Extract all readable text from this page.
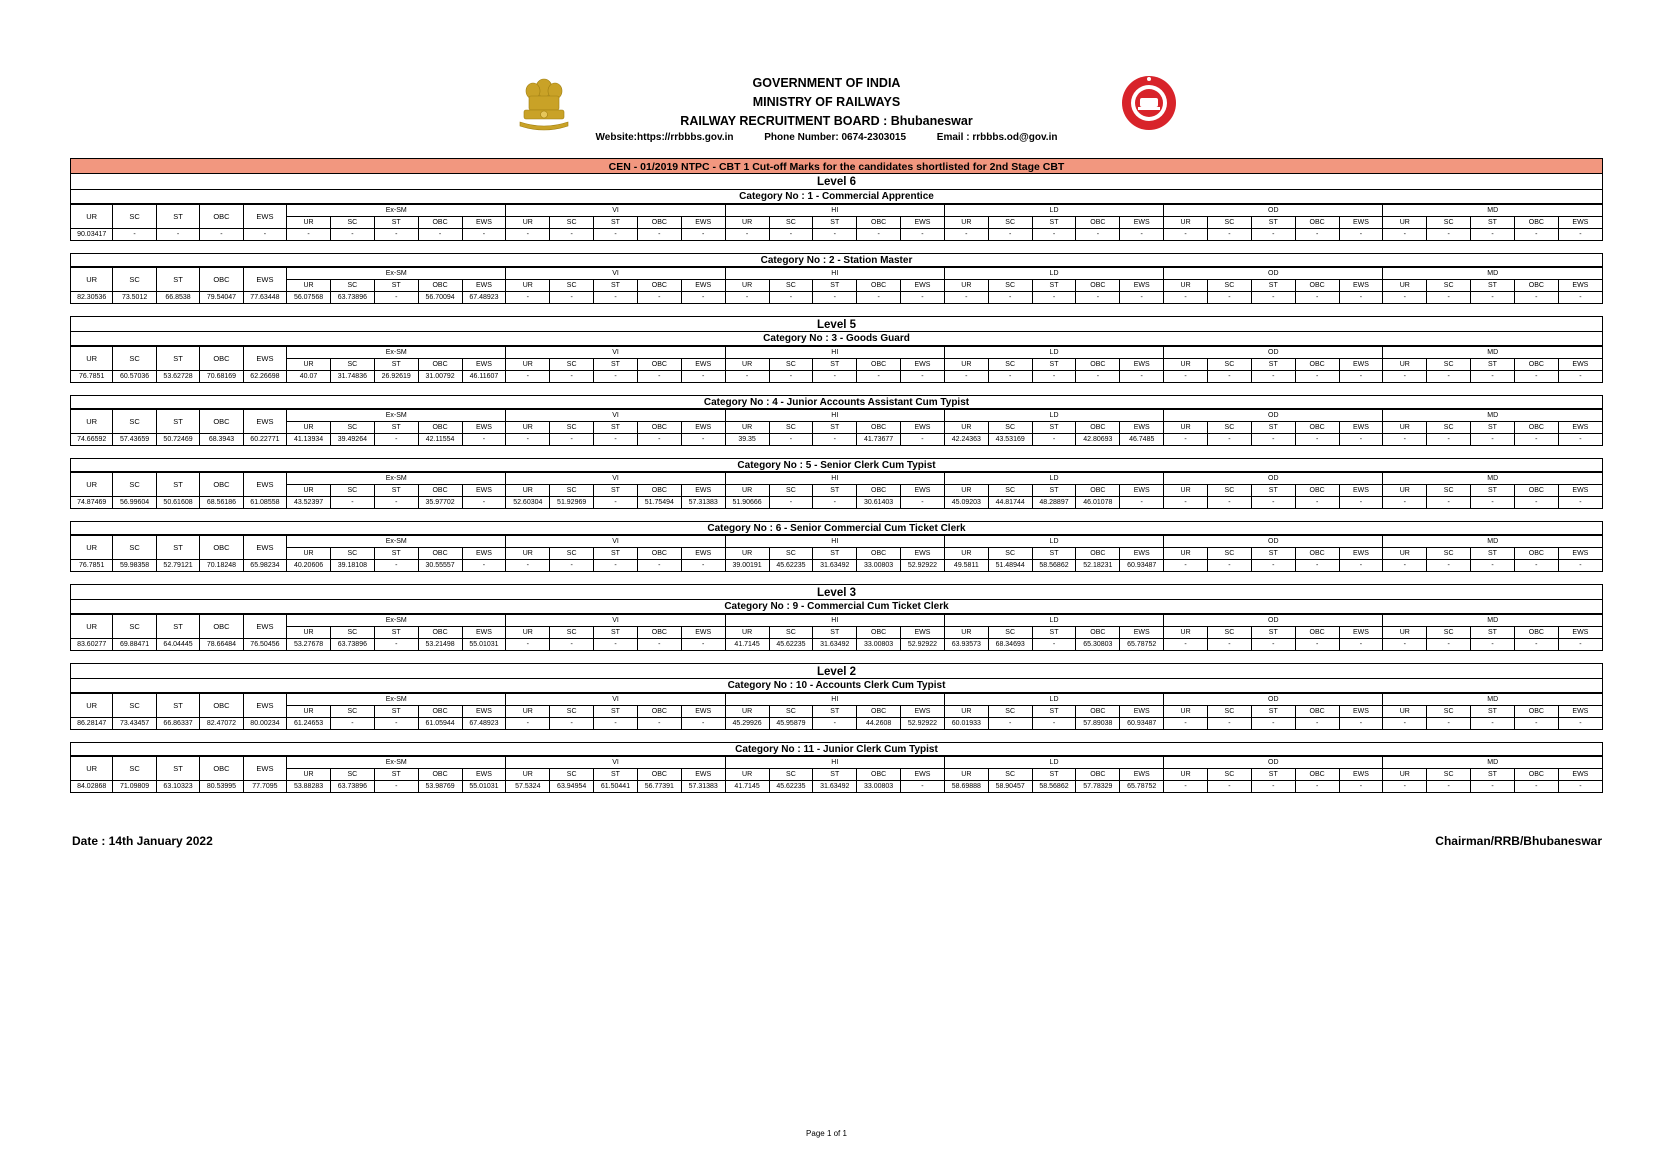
GOVERNMENT OF INDIA
MINISTRY OF RAILWAYS
RAILWAY RECRUITMENT BOARD : Bhubaneswar
Website:https://rrbbbs.gov.in	Phone Number: 0674-2303015	Email : rrbbbs.od@gov.in
CEN - 01/2019 NTPC - CBT 1 Cut-off Marks for the candidates shortlisted for 2nd Stage CBT
Level 6
Category No : 1 - Commercial Apprentice
UR	SC	ST	OBC	EWS	Ex-SM					VI					HI					LD					OD					MD				
					UR	SC	ST	OBC	EWS	UR	SC	ST	OBC	EWS	UR	SC	ST	OBC	EWS	UR	SC	ST	OBC	EWS	UR	SC	ST	OBC	EWS	UR	SC	ST	OBC	EWS
90.03417	-	-	-	-	-	-	-	-	-	-	-	-	-	-	-	-	-	-	-	-	-	-	-	-	-	-	-	-	-	-	-	-	-	-
Category No : 2 - Station Master
UR	SC	ST	OBC	EWS	Ex-SM					VI					HI					LD					OD					MD				
					UR	SC	ST	OBC	EWS	UR	SC	ST	OBC	EWS	UR	SC	ST	OBC	EWS	UR	SC	ST	OBC	EWS	UR	SC	ST	OBC	EWS	UR	SC	ST	OBC	EWS
82.30536	73.5012	66.8538	79.54047	77.63448	56.07568	63.73896	-	56.70094	67.48923	-	-	-	-	-	-	-	-	-	-	-	-	-	-	-	-	-	-	-	-	-	-	-	-	-
Level 5
Category No : 3 - Goods Guard
UR	SC	ST	OBC	EWS	Ex-SM					VI					HI					LD					OD					MD				
					UR	SC	ST	OBC	EWS	UR	SC	ST	OBC	EWS	UR	SC	ST	OBC	EWS	UR	SC	ST	OBC	EWS	UR	SC	ST	OBC	EWS	UR	SC	ST	OBC	EWS
76.7851	60.57036	53.62728	70.68169	62.26698	40.07	31.74836	26.92619	31.00792	46.11607	-	-	-	-	-	-	-	-	-	-	-	-	-	-	-	-	-	-	-	-	-	-	-	-	-
Category No : 4 - Junior Accounts Assistant Cum Typist
UR	SC	ST	OBC	EWS	Ex-SM					VI					HI					LD					OD					MD				
					UR	SC	ST	OBC	EWS	UR	SC	ST	OBC	EWS	UR	SC	ST	OBC	EWS	UR	SC	ST	OBC	EWS	UR	SC	ST	OBC	EWS	UR	SC	ST	OBC	EWS
74.66592	57.43659	50.72469	68.3943	60.22771	41.13934	39.49264	-	42.11554	-	-	-	-	-	-	39.35	-	-	41.73677	-	42.24363	43.53169	-	42.80693	46.7485	-	-	-	-	-	-	-	-	-	-
Category No : 5 - Senior Clerk Cum Typist
UR	SC	ST	OBC	EWS	Ex-SM					VI					HI					LD					OD					MD				
					UR	SC	ST	OBC	EWS	UR	SC	ST	OBC	EWS	UR	SC	ST	OBC	EWS	UR	SC	ST	OBC	EWS	UR	SC	ST	OBC	EWS	UR	SC	ST	OBC	EWS
74.87469	56.99604	50.61608	68.56186	61.08558	43.52397	-	-	35.97702	-	52.60304	51.92969	-	51.75494	57.31383	51.90666	-	-	30.61403	-	45.09203	44.81744	48.28897	46.01078	-	-	-	-	-	-	-	-	-	-	-
Category No : 6 - Senior Commercial Cum Ticket Clerk
UR	SC	ST	OBC	EWS	Ex-SM					VI					HI					LD					OD					MD				
					UR	SC	ST	OBC	EWS	UR	SC	ST	OBC	EWS	UR	SC	ST	OBC	EWS	UR	SC	ST	OBC	EWS	UR	SC	ST	OBC	EWS	UR	SC	ST	OBC	EWS
76.7851	59.98358	52.79121	70.18248	65.98234	40.20606	39.18108	-	30.55557	-	-	-	-	-	-	39.00191	45.62235	31.63492	33.00803	52.92922	49.5811	51.48944	58.56862	52.18231	60.93487	-	-	-	-	-	-	-	-	-	-
Level 3
Category No : 9 - Commercial Cum Ticket Clerk
UR	SC	ST	OBC	EWS	Ex-SM					VI					HI					LD					OD					MD				
					UR	SC	ST	OBC	EWS	UR	SC	ST	OBC	EWS	UR	SC	ST	OBC	EWS	UR	SC	ST	OBC	EWS	UR	SC	ST	OBC	EWS	UR	SC	ST	OBC	EWS
83.60277	69.88471	64.04445	78.66484	76.50456	53.27678	63.73896	-	53.21498	55.01031	-	-	-	-	-	41.7145	45.62235	31.63492	33.00803	52.92922	63.93573	68.34693	-	65.30803	65.78752	-	-	-	-	-	-	-	-	-	-
Level 2
Category No : 10 - Accounts Clerk Cum Typist
UR	SC	ST	OBC	EWS	Ex-SM					VI					HI					LD					OD					MD				
					UR	SC	ST	OBC	EWS	UR	SC	ST	OBC	EWS	UR	SC	ST	OBC	EWS	UR	SC	ST	OBC	EWS	UR	SC	ST	OBC	EWS	UR	SC	ST	OBC	EWS
86.28147	73.43457	66.86337	82.47072	80.00234	61.24653	-	-	61.05944	67.48923	-	-	-	-	-	45.29926	45.95879	-	44.2608	52.92922	60.01933	-	-	57.89038	60.93487	-	-	-	-	-	-	-	-	-	-
Category No : 11 - Junior Clerk Cum Typist
UR	SC	ST	OBC	EWS	Ex-SM					VI					HI					LD					OD					MD				
					UR	SC	ST	OBC	EWS	UR	SC	ST	OBC	EWS	UR	SC	ST	OBC	EWS	UR	SC	ST	OBC	EWS	UR	SC	ST	OBC	EWS	UR	SC	ST	OBC	EWS
84.02868	71.09809	63.10323	80.53995	77.7095	53.88283	63.73896	-	53.98769	55.01031	57.5324	63.94954	61.50441	56.77391	57.31383	41.7145	45.62235	31.63492	33.00803	-	58.69888	58.90457	58.56862	57.78329	65.78752	-	-	-	-	-	-	-	-	-	-
Date : 14th January 2022	Chairman/RRB/Bhubaneswar
Page 1 of 1
